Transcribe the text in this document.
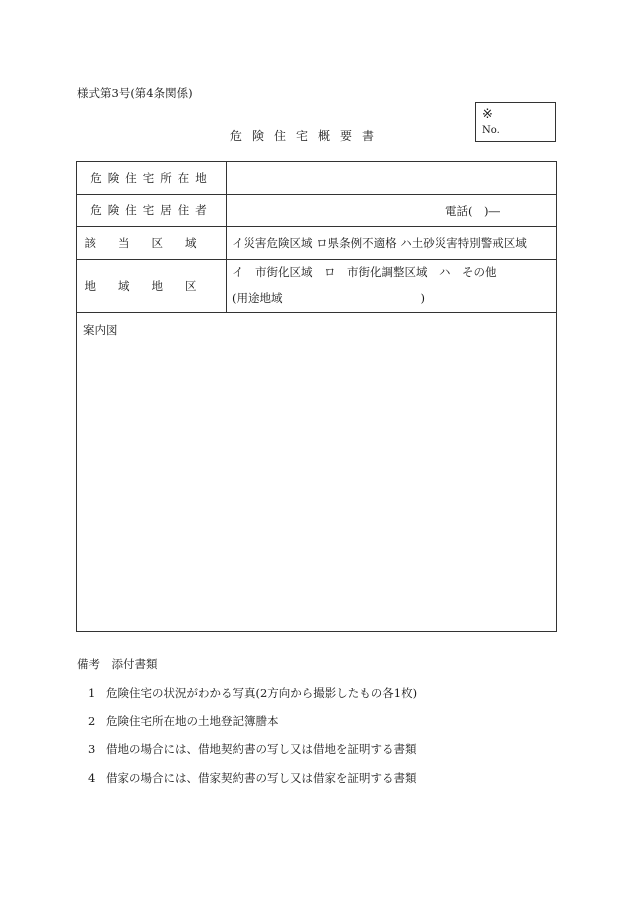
様式第3号(第4条関係)
※
No.
危険住宅概要書
危険住宅所在地
危険住宅居住者	電話(　)―
該当区域 イ災害危険区域 ロ県条例不適格 ハ土砂災害特別警戒区域
地域地区
イ　市街化区域　ロ　市街化調整区域　ハ　その他
(用途地域　　　　　　　　　　　　)
案内図
備考　添付書類
1 危険住宅の状況がわかる写真(2方向から撮影したもの各1枚)
2 危険住宅所在地の土地登記簿謄本
3 借地の場合には、借地契約書の写し又は借地を証明する書類
4 借家の場合には、借家契約書の写し又は借家を証明する書類
